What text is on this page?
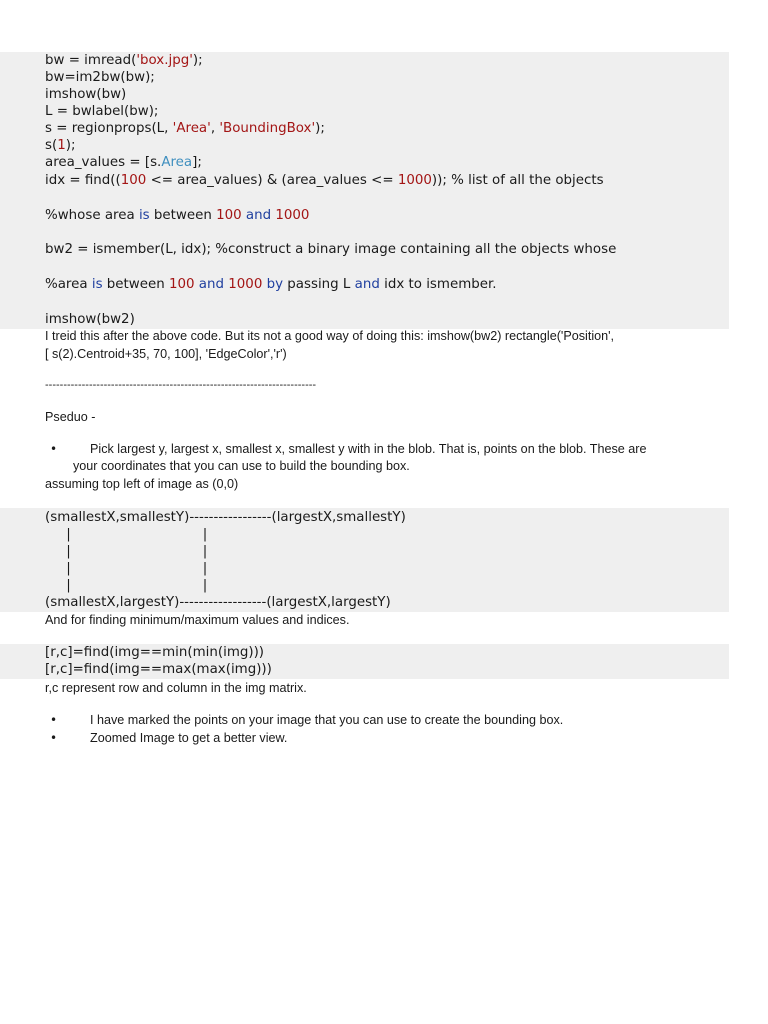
bw = imread('box.jpg');
bw=im2bw(bw);
imshow(bw)
L = bwlabel(bw);
s = regionprops(L, 'Area', 'BoundingBox');
s(1);
area_values = [s.Area];
idx = find((100 <= area_values) & (area_values <= 1000)); % list of all the objects
%whose area is between 100 and 1000
bw2 = ismember(L, idx); %construct a binary image containing all the objects whose
%area is between 100 and 1000 by passing L and idx to ismember.
imshow(bw2)
I treid this after the above code. But its not a good way of doing this: imshow(bw2) rectangle('Position',
[ s(2).Centroid+35, 70, 100], 'EdgeColor','r')
--------------------------------------------------------------------------
Pseduo -
•	Pick largest y, largest x, smallest x, smallest y with in the blob. That is, points on the blob. These are
your coordinates that you can use to build the bounding box.
assuming top left of image as (0,0)
(smallestX,smallestY)-----------------(largestX,smallestY)
|                               |
|                               |
|                               |
|                               |
(smallestX,largestY)------------------(largestX,largestY)
And for finding minimum/maximum values and indices.
[r,c]=find(img==min(min(img)))
[r,c]=find(img==max(max(img)))
r,c represent row and column in the img matrix.
•	I have marked the points on your image that you can use to create the bounding box.
•	Zoomed Image to get a better view.
